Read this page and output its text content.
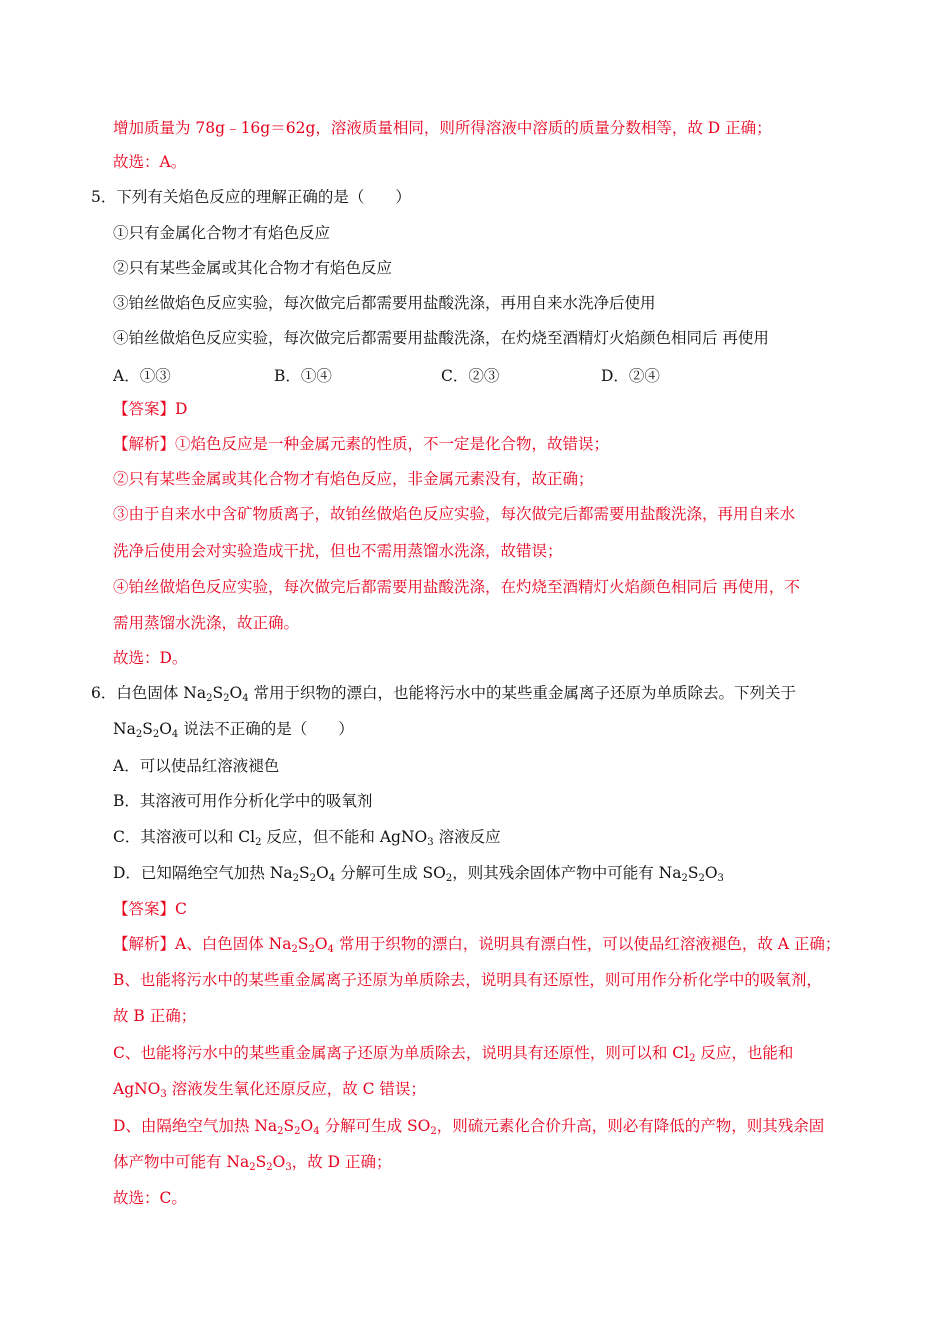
增加质量为 78g﹣16g＝62g，溶液质量相同，则所得溶液中溶质的质量分数相等，故 D 正确；
故选：A。
5．下列有关焰色反应的理解正确的是（　　）
①只有金属化合物才有焰色反应
②只有某些金属或其化合物才有焰色反应
③铂丝做焰色反应实验，每次做完后都需要用盐酸洗涤，再用自来水洗净后使用
④铂丝做焰色反应实验，每次做完后都需要用盐酸洗涤，在灼烧至酒精灯火焰颜色相同后 再使用
A．①③	B．①④	C．②③	D．②④
【答案】D
【解析】①焰色反应是一种金属元素的性质，不一定是化合物，故错误；
②只有某些金属或其化合物才有焰色反应，非金属元素没有，故正确；
③由于自来水中含矿物质离子，故铂丝做焰色反应实验，每次做完后都需要用盐酸洗涤，再用自来水
洗净后使用会对实验造成干扰，但也不需用蒸馏水洗涤，故错误；
④铂丝做焰色反应实验，每次做完后都需要用盐酸洗涤，在灼烧至酒精灯火焰颜色相同后 再使用，不
需用蒸馏水洗涤，故正确。
故选：D。
6．白色固体 $Na_2S_2O_4$ 常用于织物的漂白，也能将污水中的某些重金属离子还原为单质除去。下列关于
$Na_2S_2O_4$ 说法不正确的是（　　）
A．可以使品红溶液褪色
B．其溶液可用作分析化学中的吸氧剂
C．其溶液可以和 $Cl_2$ 反应，但不能和 AgNO$_3$ 溶液反应
D．已知隔绝空气加热 $Na_2S_2O_4$ 分解可生成 $SO_2$，则其残余固体产物中可能有 $Na_2S_2O_3$
【答案】C
【解析】A、白色固体 $Na_2S_2O_4$ 常用于织物的漂白，说明具有漂白性，可以使品红溶液褪色，故 A 正确；
B、也能将污水中的某些重金属离子还原为单质除去，说明具有还原性，则可用作分析化学中的吸氧剂，
故 B 正确；
C、也能将污水中的某些重金属离子还原为单质除去，说明具有还原性，则可以和 $Cl_2$ 反应，也能和
AgNO$_3$ 溶液发生氧化还原反应，故 C 错误；
D、由隔绝空气加热 $Na_2S_2O_4$ 分解可生成 $SO_2$，则硫元素化合价升高，则必有降低的产物，则其残余固
体产物中可能有 $Na_2S_2O_3$，故 D 正确；
故选：C。
